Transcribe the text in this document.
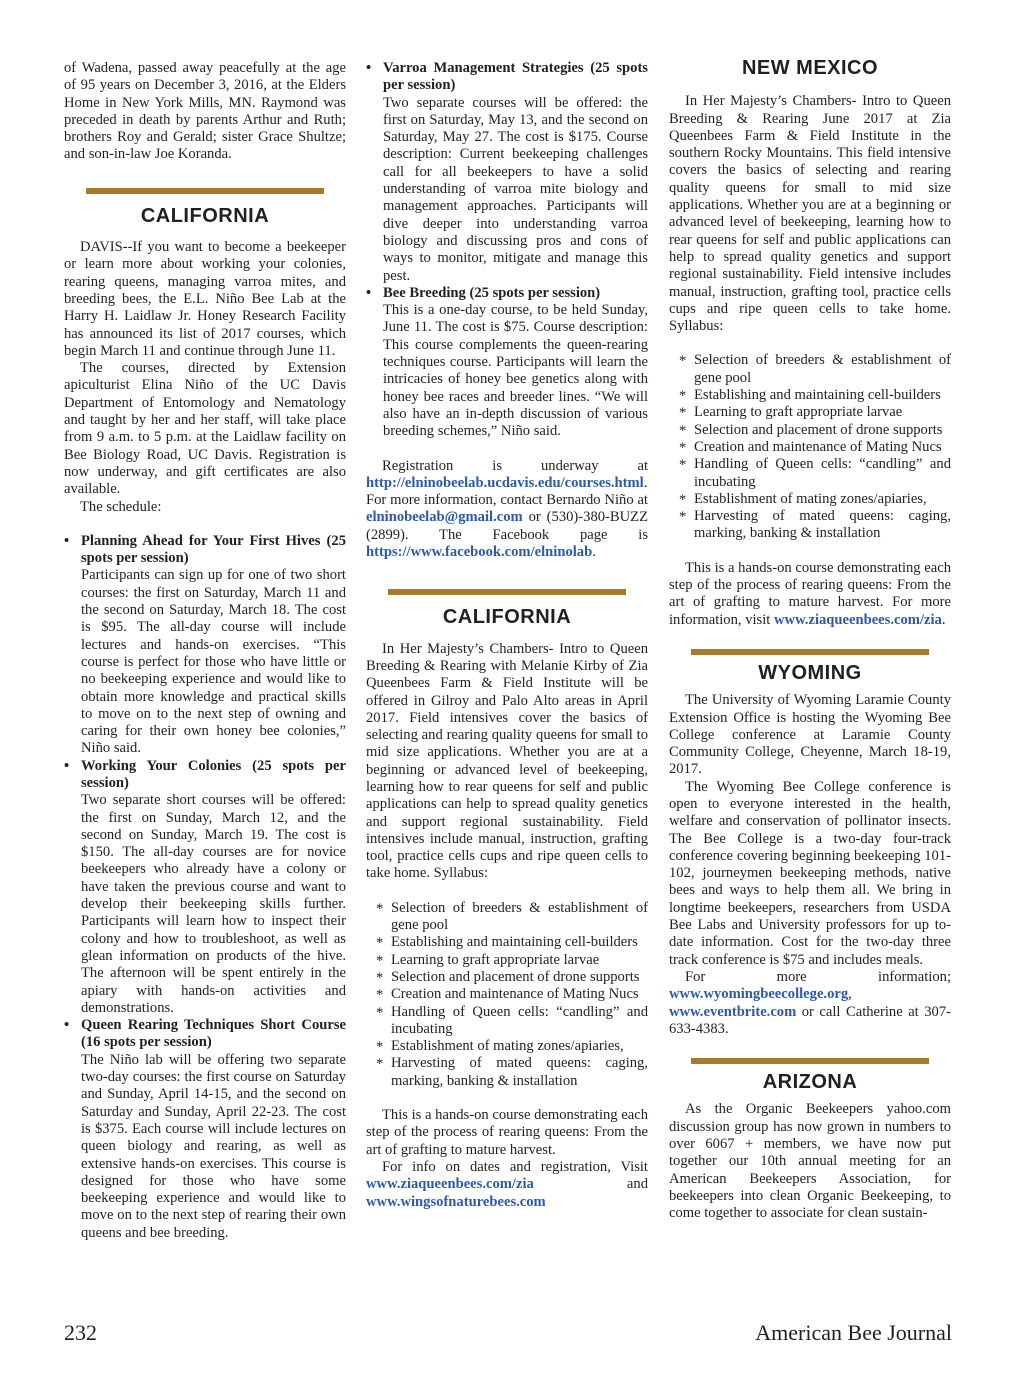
of Wadena, passed away peacefully at the age of 95 years on December 3, 2016, at the Elders Home in New York Mills, MN. Raymond was preceded in death by parents Arthur and Ruth; brothers Roy and Gerald; sister Grace Shultze; and son-in-law Joe Koranda.

CALIFORNIA

DAVIS--If you want to become a beekeeper or learn more about working your colonies, rearing queens, managing varroa mites, and breeding bees, the E.L. Niño Bee Lab at the Harry H. Laidlaw Jr. Honey Research Facility has announced its list of 2017 courses, which begin March 11 and continue through June 11.

The courses, directed by Extension apiculturist Elina Niño of the UC Davis Department of Entomology and Nematology and taught by her and her staff, will take place from 9 a.m. to 5 p.m. at the Laidlaw facility on Bee Biology Road, UC Davis. Registration is now underway, and gift certificates are also available.

The schedule:

• Planning Ahead for Your First Hives (25 spots per session)
Participants can sign up for one of two short courses: the first on Saturday, March 11 and the second on Saturday, March 18. The cost is $95. The all-day course will include lectures and hands-on exercises. “This course is perfect for those who have little or no beekeeping experience and would like to obtain more knowledge and practical skills to move on to the next step of owning and caring for their own honey bee colonies,” Niño said.
• Working Your Colonies (25 spots per session)
Two separate short courses will be offered: the first on Sunday, March 12, and the second on Sunday, March 19. The cost is $150. The all-day courses are for novice beekeepers who already have a colony or have taken the previous course and want to develop their beekeeping skills further. Participants will learn how to inspect their colony and how to troubleshoot, as well as glean information on products of the hive. The afternoon will be spent entirely in the apiary with hands-on activities and demonstrations.
• Queen Rearing Techniques Short Course (16 spots per session)
The Niño lab will be offering two separate two-day courses: the first course on Saturday and Sunday, April 14-15, and the second on Saturday and Sunday, April 22-23. The cost is $375. Each course will include lectures on queen biology and rearing, as well as extensive hands-on exercises. This course is designed for those who have some beekeeping experience and would like to move on to the next step of rearing their own queens and bee breeding.
• Varroa Management Strategies (25 spots per session)
Two separate courses will be offered: the first on Saturday, May 13, and the second on Saturday, May 27. The cost is $175. Course description: Current beekeeping challenges call for all beekeepers to have a solid understanding of varroa mite biology and management approaches. Participants will dive deeper into understanding varroa biology and discussing pros and cons of ways to monitor, mitigate and manage this pest.
• Bee Breeding (25 spots per session)
This is a one-day course, to be held Sunday, June 11. The cost is $75. Course description: This course complements the queen-rearing techniques course. Participants will learn the intricacies of honey bee genetics along with honey bee races and breeder lines. “We will also have an in-depth discussion of various breeding schemes,” Niño said.

Registration is underway at http://elninobeelab.ucdavis.edu/courses.html. For more information, contact Bernardo Niño at elninobeelab@gmail.com or (530)-380-BUZZ (2899). The Facebook page is https://www.facebook.com/elninolab.

CALIFORNIA

In Her Majesty’s Chambers- Intro to Queen Breeding & Rearing with Melanie Kirby of Zia Queenbees Farm & Field Institute will be offered in Gilroy and Palo Alto areas in April 2017. Field intensives cover the basics of selecting and rearing quality queens for small to mid size applications. Whether you are at a beginning or advanced level of beekeeping, learning how to rear queens for self and public applications can help to spread quality genetics and support regional sustainability. Field intensives include manual, instruction, grafting tool, practice cells cups and ripe queen cells to take home. Syllabus:

* Selection of breeders & establishment of gene pool
* Establishing and maintaining cell-builders
* Learning to graft appropriate larvae
* Selection and placement of drone supports
* Creation and maintenance of Mating Nucs
* Handling of Queen cells: “candling” and incubating
* Establishment of mating zones/apiaries,
* Harvesting of mated queens: caging, marking, banking & installation

This is a hands-on course demonstrating each step of the process of rearing queens: From the art of grafting to mature harvest.

For info on dates and registration, Visit www.ziaqueenbees.com/zia and www.wingsofnaturebees.com

NEW MEXICO

In Her Majesty’s Chambers- Intro to Queen Breeding & Rearing June 2017 at Zia Queenbees Farm & Field Institute in the southern Rocky Mountains. This field intensive covers the basics of selecting and rearing quality queens for small to mid size applications. Whether you are at a beginning or advanced level of beekeeping, learning how to rear queens for self and public applications can help to spread quality genetics and support regional sustainability. Field intensive includes manual, instruction, grafting tool, practice cells cups and ripe queen cells to take home. Syllabus:

* Selection of breeders & establishment of gene pool
* Establishing and maintaining cell-builders
* Learning to graft appropriate larvae
* Selection and placement of drone supports
* Creation and maintenance of Mating Nucs
* Handling of Queen cells: “candling” and incubating
* Establishment of mating zones/apiaries,
* Harvesting of mated queens: caging, marking, banking & installation

This is a hands-on course demonstrating each step of the process of rearing queens: From the art of grafting to mature harvest. For more information, visit www.ziaqueenbees.com/zia.

WYOMING

The University of Wyoming Laramie County Extension Office is hosting the Wyoming Bee College conference at Laramie County Community College, Cheyenne, March 18-19, 2017.

The Wyoming Bee College conference is open to everyone interested in the health, welfare and conservation of pollinator insects. The Bee College is a two-day four-track conference covering beginning beekeeping 101-102, journeymen beekeeping methods, native bees and ways to help them all. We bring in longtime beekeepers, researchers from USDA Bee Labs and University professors for up to-date information. Cost for the two-day three track conference is $75 and includes meals.

For more information; www.wyomingbeecollege.org, www.eventbrite.com or call Catherine at 307-633-4383.

ARIZONA

As the Organic Beekeepers yahoo.com discussion group has now grown in numbers to over 6067 + members, we have now put together our 10th annual meeting for an American Beekeepers Association, for beekeepers into clean Organic Beekeeping, to come together to associate for clean sustain-

232	American Bee Journal
